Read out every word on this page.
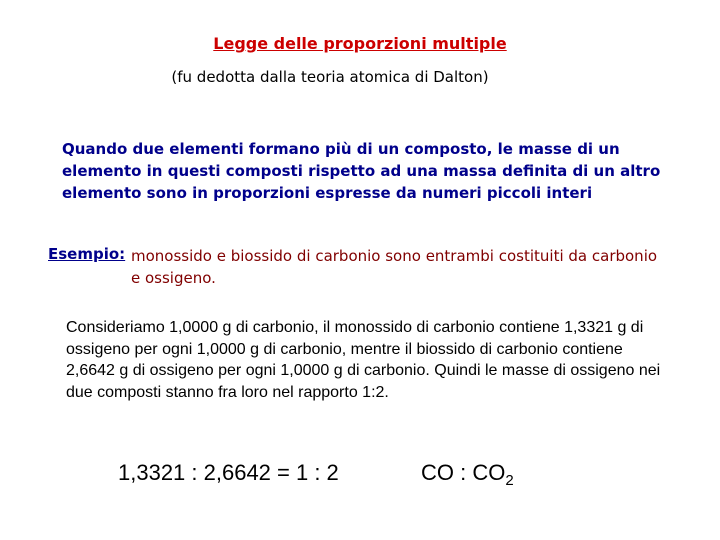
Legge delle proporzioni multiple
(fu dedotta dalla teoria atomica di Dalton)
Quando due elementi formano più di un composto, le masse di un elemento in questi composti rispetto ad una massa definita di un altro elemento sono in proporzioni espresse da numeri piccoli interi
Esempio: monossido e biossido di carbonio sono entrambi costituiti da carbonio e ossigeno.
Consideriamo 1,0000 g di carbonio, il monossido di carbonio contiene 1,3321 g di ossigeno per ogni 1,0000 g di carbonio, mentre il biossido di carbonio contiene 2,6642 g di ossigeno per ogni 1,0000 g di carbonio. Quindi le masse di ossigeno nei due composti stanno fra loro nel rapporto 1:2.
1,3321 : 2,6642 = 1 : 2	CO : $CO_2$
